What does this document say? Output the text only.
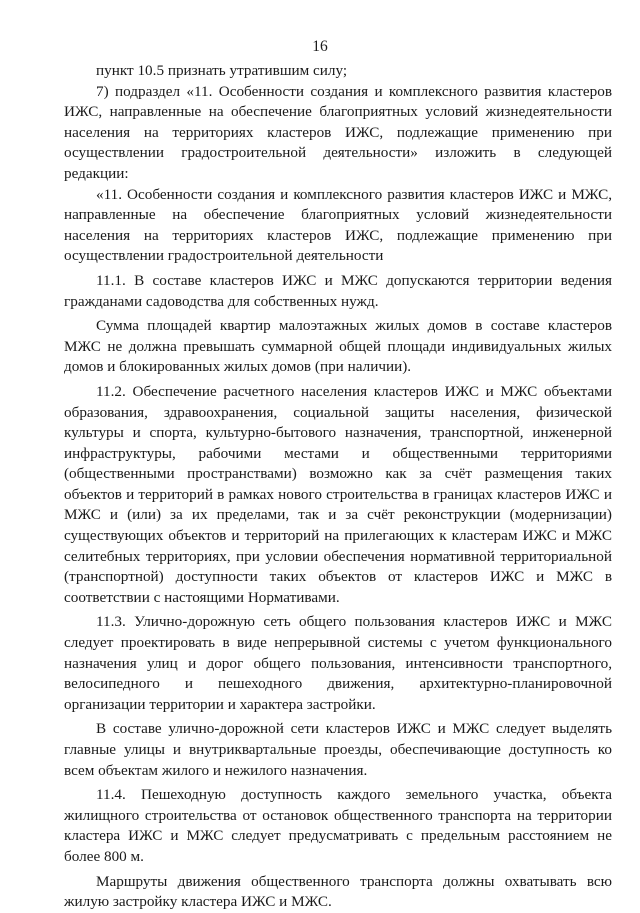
16

пункт 10.5 признать утратившим силу;

7) подраздел «11. Особенности создания и комплексного развития кластеров ИЖС, направленные на обеспечение благоприятных условий жизнедеятельности населения на территориях кластеров ИЖС, подлежащие применению при осуществлении градостроительной деятельности» изложить в следующей редакции:

«11. Особенности создания и комплексного развития кластеров ИЖС и МЖС, направленные на обеспечение благоприятных условий жизнедеятельности населения на территориях кластеров ИЖС, подлежащие применению при осуществлении градостроительной деятельности

11.1. В составе кластеров ИЖС и МЖС допускаются территории ведения гражданами садоводства для собственных нужд.

Сумма площадей квартир малоэтажных жилых домов в составе кластеров МЖС не должна превышать суммарной общей площади индивидуальных жилых домов и блокированных жилых домов (при наличии).

11.2. Обеспечение расчетного населения кластеров ИЖС и МЖС объектами образования, здравоохранения, социальной защиты населения, физической культуры и спорта, культурно-бытового назначения, транспортной, инженерной инфраструктуры, рабочими местами и общественными территориями (общественными пространствами) возможно как за счёт размещения таких объектов и территорий в рамках нового строительства в границах кластеров ИЖС и МЖС и (или) за их пределами, так и за счёт реконструкции (модернизации) существующих объектов и территорий на прилегающих к кластерам ИЖС и МЖС селитебных территориях, при условии обеспечения нормативной территориальной (транспортной) доступности таких объектов от кластеров ИЖС и МЖС в соответствии с настоящими Нормативами.

11.3. Улично-дорожную сеть общего пользования кластеров ИЖС и МЖС следует проектировать в виде непрерывной системы с учетом функционального назначения улиц и дорог общего пользования, интенсивности транспортного, велосипедного и пешеходного движения, архитектурно-планировочной организации территории и характера застройки.

В составе улично-дорожной сети кластеров ИЖС и МЖС следует выделять главные улицы и внутриквартальные проезды, обеспечивающие доступность ко всем объектам жилого и нежилого назначения.

11.4. Пешеходную доступность каждого земельного участка, объекта жилищного строительства от остановок общественного транспорта на территории кластера ИЖС и МЖС следует предусматривать с предельным расстоянием не более 800 м.

Маршруты движения общественного транспорта должны охватывать всю жилую застройку кластера ИЖС и МЖС.
